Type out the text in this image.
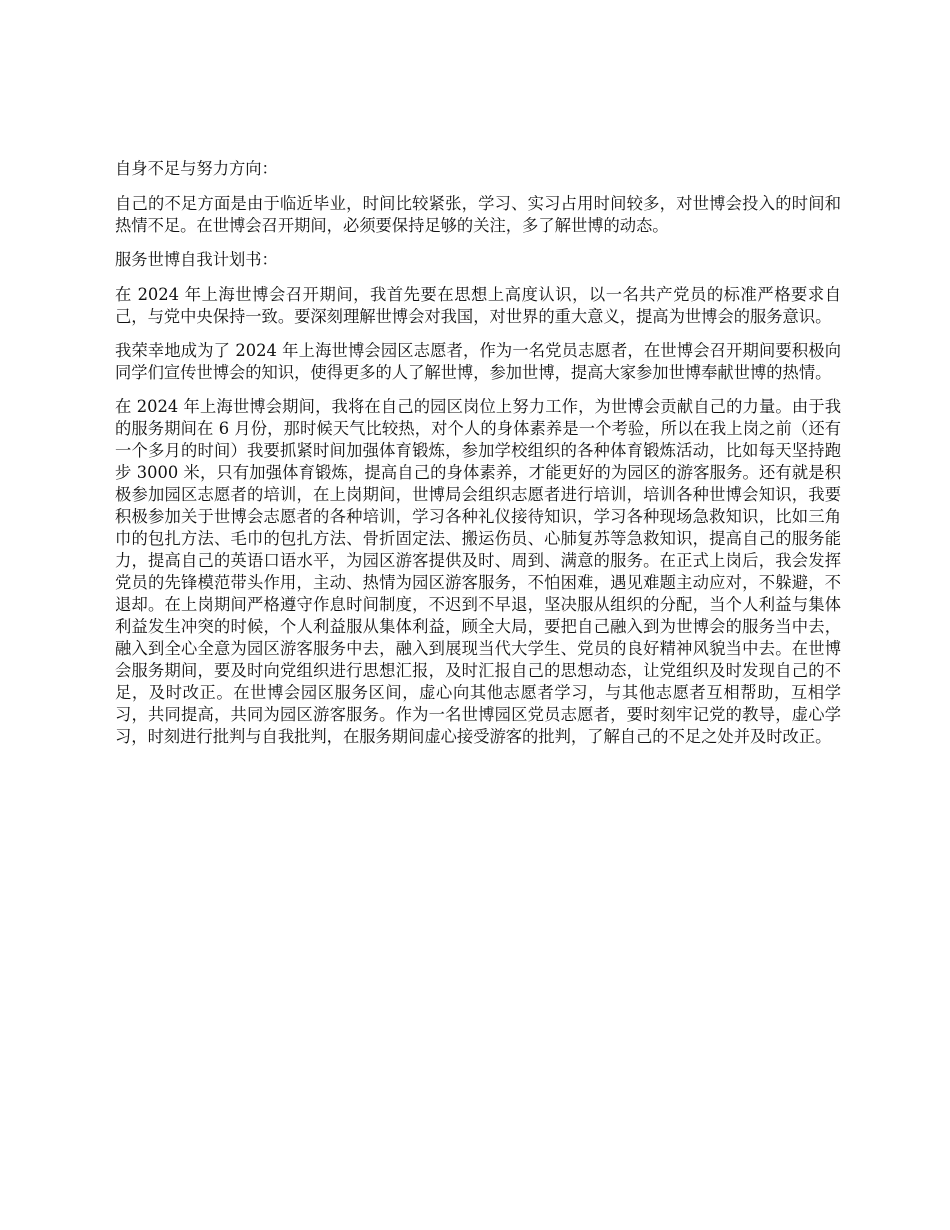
自身不足与努力方向：

自己的不足方面是由于临近毕业，时间比较紧张，学习、实习占用时间较多，对世博会投入的时间和热情不足。在世博会召开期间，必须要保持足够的关注，多了解世博的动态。

服务世博自我计划书：

在 2024 年上海世博会召开期间，我首先要在思想上高度认识，以一名共产党员的标准严格要求自己，与党中央保持一致。要深刻理解世博会对我国，对世界的重大意义，提高为世博会的服务意识。

我荣幸地成为了 2024 年上海世博会园区志愿者，作为一名党员志愿者，在世博会召开期间要积极向同学们宣传世博会的知识，使得更多的人了解世博，参加世博，提高大家参加世博奉献世博的热情。

在 2024 年上海世博会期间，我将在自己的园区岗位上努力工作，为世博会贡献自己的力量。由于我的服务期间在 6 月份，那时候天气比较热，对个人的身体素养是一个考验，所以在我上岗之前（还有一个多月的时间）我要抓紧时间加强体育锻炼，参加学校组织的各种体育锻炼活动，比如每天坚持跑步 3000 米，只有加强体育锻炼，提高自己的身体素养，才能更好的为园区的游客服务。还有就是积极参加园区志愿者的培训，在上岗期间，世博局会组织志愿者进行培训，培训各种世博会知识，我要积极参加关于世博会志愿者的各种培训，学习各种礼仪接待知识，学习各种现场急救知识，比如三角巾的包扎方法、毛巾的包扎方法、骨折固定法、搬运伤员、心肺复苏等急救知识，提高自己的服务能力，提高自己的英语口语水平，为园区游客提供及时、周到、满意的服务。在正式上岗后，我会发挥党员的先锋模范带头作用，主动、热情为园区游客服务，不怕困难，遇见难题主动应对，不躲避，不退却。在上岗期间严格遵守作息时间制度，不迟到不早退，坚决服从组织的分配，当个人利益与集体利益发生冲突的时候，个人利益服从集体利益，顾全大局，要把自己融入到为世博会的服务当中去，融入到全心全意为园区游客服务中去，融入到展现当代大学生、党员的良好精神风貌当中去。在世博会服务期间，要及时向党组织进行思想汇报，及时汇报自己的思想动态，让党组织及时发现自己的不足，及时改正。在世博会园区服务区间，虚心向其他志愿者学习，与其他志愿者互相帮助，互相学习，共同提高，共同为园区游客服务。作为一名世博园区党员志愿者，要时刻牢记党的教导，虚心学习，时刻进行批判与自我批判，在服务期间虚心接受游客的批判，了解自己的不足之处并及时改正。
